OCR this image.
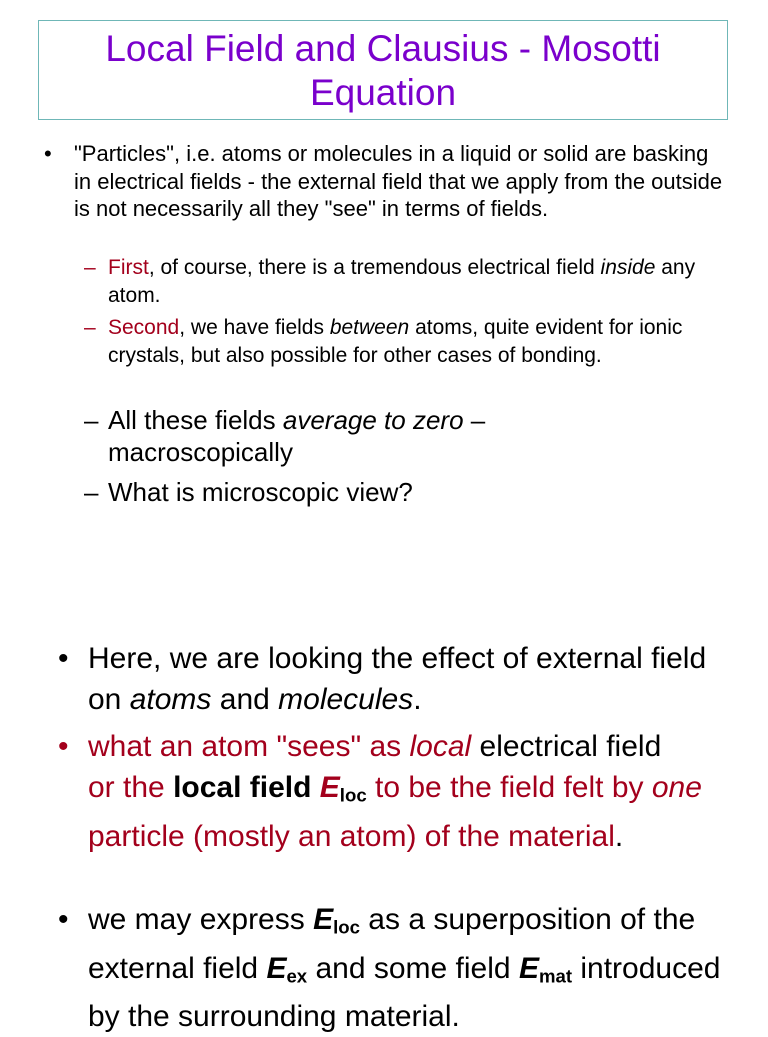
Local Field and Clausius - Mosotti Equation
• "Particles", i.e. atoms or molecules in a liquid or solid are basking in electrical fields - the external field that we apply from the outside is not necessarily all they "see" in terms of fields.
– First, of course, there is a tremendous electrical field inside any atom.
– Second, we have fields between atoms, quite evident for ionic crystals, but also possible for other cases of bonding.
– All these fields average to zero – macroscopically
– What is microscopic view?
• Here, we are looking the effect of external field on atoms and molecules.
• what an atom "sees" as local electrical field
or the local field $E_{loc}$ to be the field felt by one particle (mostly an atom) of the material.
• we may express $E_{loc}$ as a superposition of the external field $E_{ex}$ and some field $E_{mat}$ introduced by the surrounding material.
